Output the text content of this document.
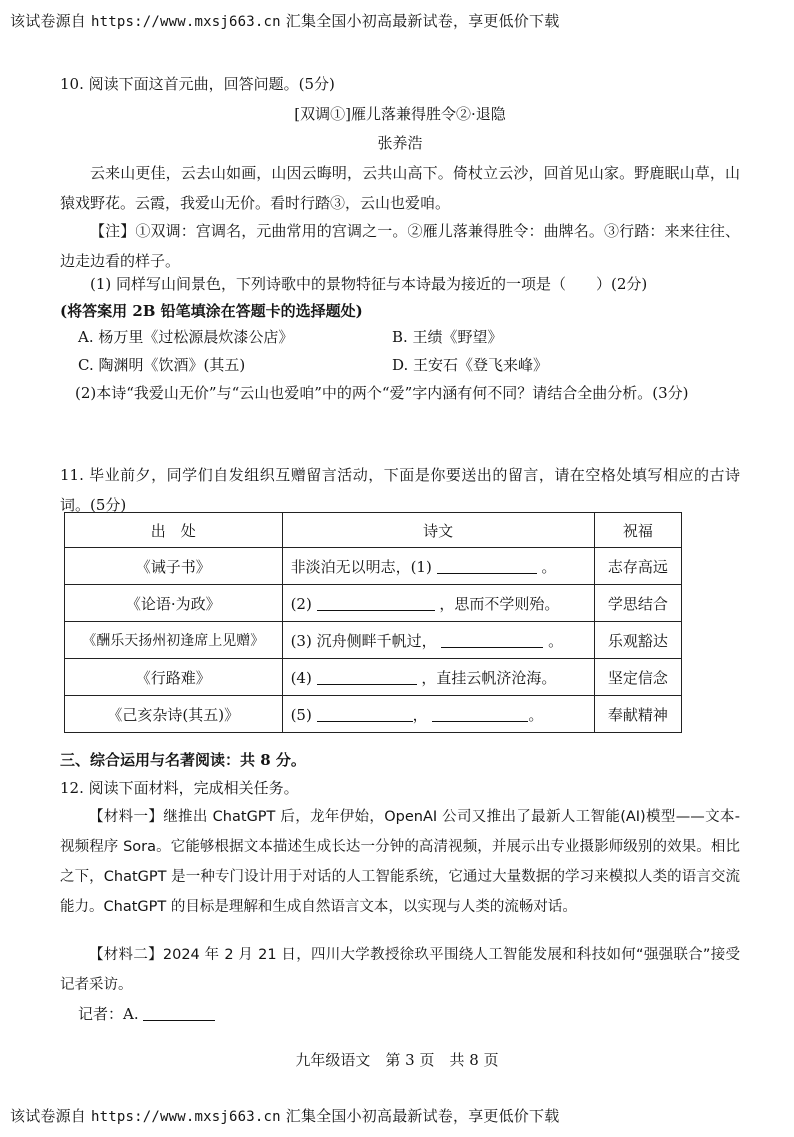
该试卷源自 https://www.mxsj663.cn 汇集全国小初高最新试卷，享更低价下载
10. 阅读下面这首元曲，回答问题。(5分)
[双调①]雁儿落兼得胜令②·退隐
张养浩
云来山更佳，云去山如画，山因云晦明，云共山高下。倚杖立云沙，回首见山家。野鹿眠山草，山猿戏野花。云霞，我爱山无价。看时行踏③，云山也爱咱。
【注】①双调：宫调名，元曲常用的宫调之一。②雁儿落兼得胜令：曲牌名。③行踏：来来往往、边走边看的样子。
(1) 同样写山间景色，下列诗歌中的景物特征与本诗最为接近的一项是（　　）(2分)
(将答案用 2B 铅笔填涂在答题卡的选择题处)
A. 杨万里《过松源晨炊漆公店》	B. 王绩《野望》
C. 陶渊明《饮酒》(其五)	D. 王安石《登飞来峰》
(2)本诗“我爱山无价”与“云山也爱咱”中的两个“爱”字内涵有何不同？请结合全曲分析。(3分)
11. 毕业前夕，同学们自发组织互赠留言活动，下面是你要送出的留言，请在空格处填写相应的古诗词。(5分)
出　处	诗文	祝福
《诫子书》	非淡泊无以明志，(1) 。	志存高远
《论语·为政》	(2) ，思而不学则殆。	学思结合
《酬乐天扬州初逢席上见赠》	(3) 沉舟侧畔千帆过， 。	乐观豁达
《行路难》	(4) ，直挂云帆济沧海。	坚定信念
《己亥杂诗(其五)》	(5) ， 。	奉献精神
三、综合运用与名著阅读：共 8 分。
12. 阅读下面材料，完成相关任务。
【材料一】继推出 ChatGPT 后，龙年伊始，OpenAI 公司又推出了最新人工智能(AI)模型——文本-视频程序 Sora。它能够根据文本描述生成长达一分钟的高清视频，并展示出专业摄影师级别的效果。相比之下，ChatGPT 是一种专门设计用于对话的人工智能系统，它通过大量数据的学习来模拟人类的语言交流能力。ChatGPT 的目标是理解和生成自然语言文本，以实现与人类的流畅对话。
【材料二】2024 年 2 月 21 日，四川大学教授徐玖平围绕人工智能发展和科技如何“强强联合”接受记者采访。
记者：A.
九年级语文　第 3 页　共 8 页
该试卷源自 https://www.mxsj663.cn 汇集全国小初高最新试卷，享更低价下载
